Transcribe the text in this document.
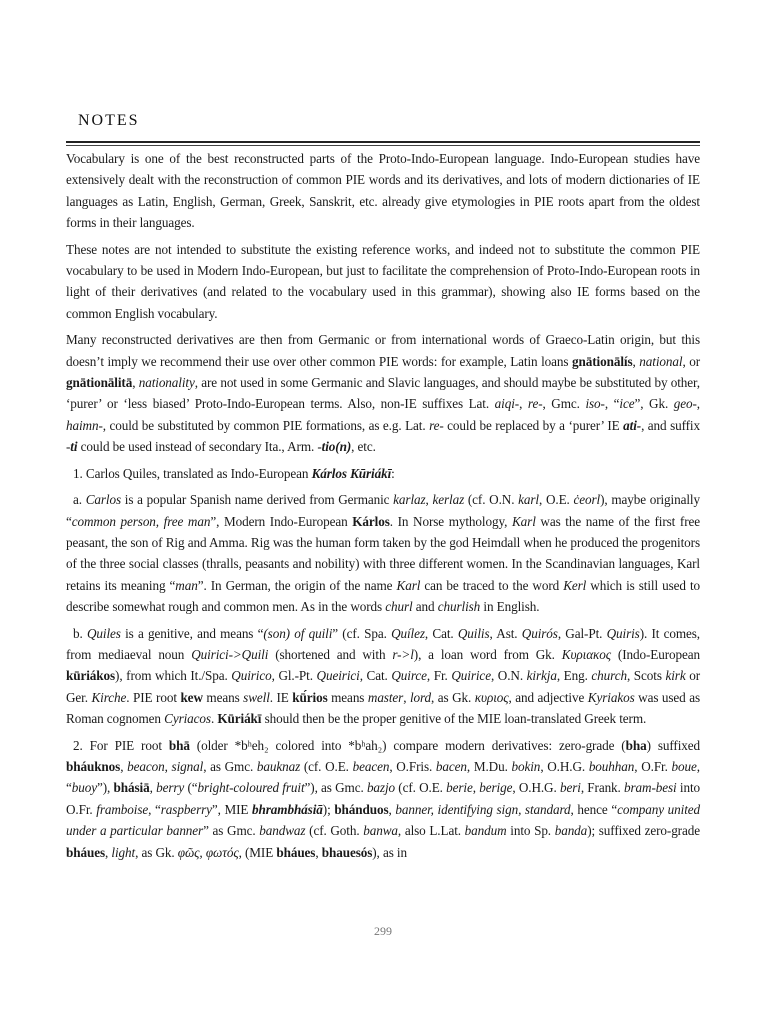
NOTES

Vocabulary is one of the best reconstructed parts of the Proto-Indo-European language. Indo-European studies have extensively dealt with the reconstruction of common PIE words and its derivatives, and lots of modern dictionaries of IE languages as Latin, English, German, Greek, Sanskrit, etc. already give etymologies in PIE roots apart from the oldest forms in their languages.

These notes are not intended to substitute the existing reference works, and indeed not to substitute the common PIE vocabulary to be used in Modern Indo-European, but just to facilitate the comprehension of Proto-Indo-European roots in light of their derivatives (and related to the vocabulary used in this grammar), showing also IE forms based on the common English vocabulary.

Many reconstructed derivatives are then from Germanic or from international words of Graeco-Latin origin, but this doesn’t imply we recommend their use over other common PIE words: for example, Latin loans gnātionālís, national, or gnātionālitā, nationality, are not used in some Germanic and Slavic languages, and should maybe be substituted by other, ‘purer’ or ‘less biased’ Proto-Indo-European terms. Also, non-IE suffixes Lat. aiqi-, re-, Gmc. iso-, “ice”, Gk. geo-, haimn-, could be substituted by common PIE formations, as e.g. Lat. re- could be replaced by a ‘purer’ IE ati-, and suffix -ti could be used instead of secondary Ita., Arm. -tio(n), etc.

1. Carlos Quiles, translated as Indo-European Kárlos Kūriákī:

a. Carlos is a popular Spanish name derived from Germanic karlaz, kerlaz (cf. O.N. karl, O.E. ċeorl), maybe originally “common person, free man”, Modern Indo-European Kárlos. In Norse mythology, Karl was the name of the first free peasant, the son of Rig and Amma. Rig was the human form taken by the god Heimdall when he produced the progenitors of the three social classes (thralls, peasants and nobility) with three different women. In the Scandinavian languages, Karl retains its meaning “man”. In German, the origin of the name Karl can be traced to the word Kerl which is still used to describe somewhat rough and common men. As in the words churl and churlish in English.

b. Quiles is a genitive, and means “(son) of quili” (cf. Spa. Quílez, Cat. Quilis, Ast. Quirós, Gal-Pt. Quiris). It comes, from mediaeval noun Quirici->Quili (shortened and with r->l), a loan word from Gk. Κυριακος (Indo-European kūriákos), from which It./Spa. Quirico, Gl.-Pt. Queirici, Cat. Quirce, Fr. Quirice, O.N. kirkja, Eng. church, Scots kirk or Ger. Kirche. PIE root kew means swell. IE kū́rios means master, lord, as Gk. κυριος, and adjective Kyriakos was used as Roman cognomen Cyriacos. Kūriákī should then be the proper genitive of the MIE loan-translated Greek term.

2. For PIE root bhā (older *bʰeh₂ colored into *bʰah₂) compare modern derivatives: zero-grade (bha) suffixed bháuknos, beacon, signal, as Gmc. bauknaz (cf. O.E. beacen, O.Fris. bacen, M.Du. bokin, O.H.G. bouhhan, O.Fr. boue, “buoy”), bhásiā, berry (“bright-coloured fruit”), as Gmc. bazjo (cf. O.E. berie, berige, O.H.G. beri, Frank. bram-besi into O.Fr. framboise, “raspberry”, MIE bhrambhásiā); bhánduos, banner, identifying sign, standard, hence “company united under a particular banner” as Gmc. bandwaz (cf. Goth. banwa, also L.Lat. bandum into Sp. banda); suffixed zero-grade bháues, light, as Gk. φῶς, φωτός, (MIE bháues, bhauesós), as in

299
